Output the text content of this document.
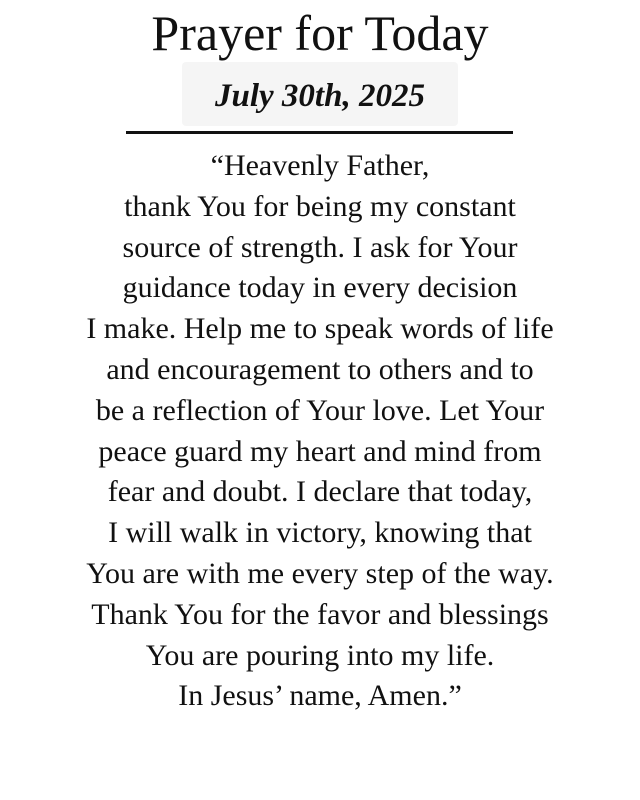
Prayer for Today
July 30th, 2025
“Heavenly Father,
thank You for being my constant
source of strength. I ask for Your
guidance today in every decision
I make. Help me to speak words of life
and encouragement to others and to
be a reflection of Your love. Let Your
peace guard my heart and mind from
fear and doubt. I declare that today,
I will walk in victory, knowing that
You are with me every step of the way.
Thank You for the favor and blessings
You are pouring into my life.
In Jesus’ name, Amen.”
